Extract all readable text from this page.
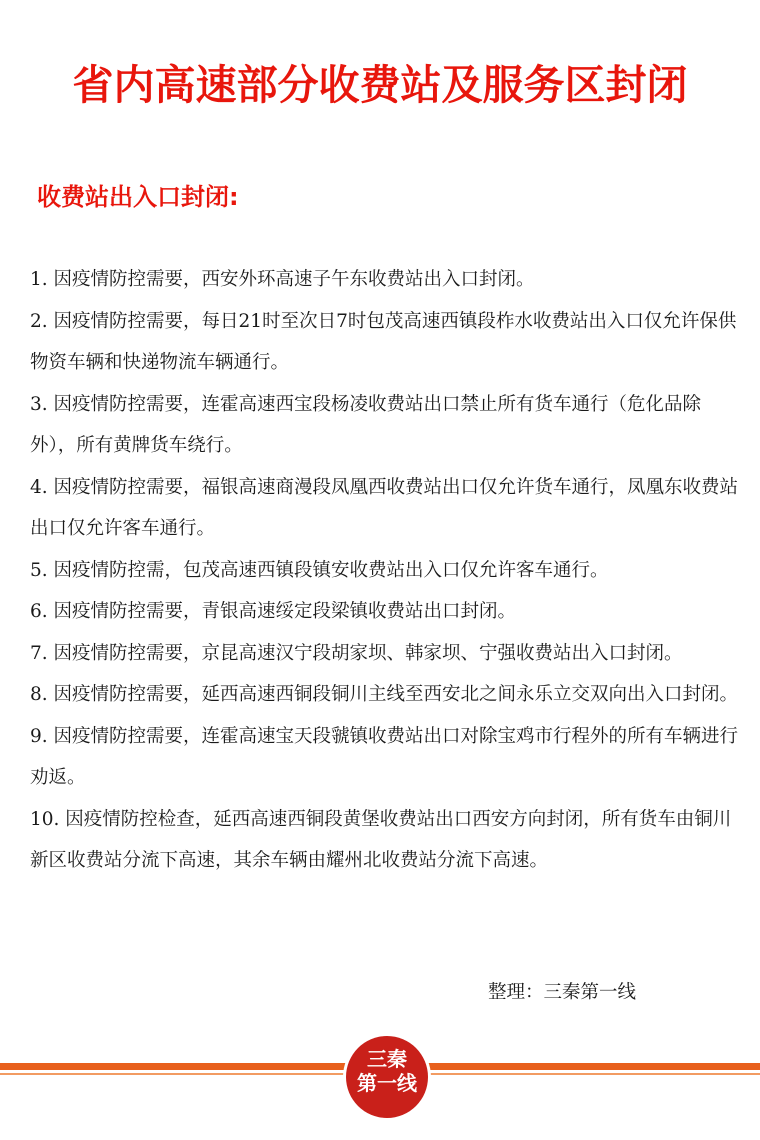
省内高速部分收费站及服务区封闭
收费站出入口封闭:
1. 因疫情防控需要，西安外环高速子午东收费站出入口封闭。
2. 因疫情防控需要，每日21时至次日7时包茂高速西镇段柞水收费站出入口仅允许保供物资车辆和快递物流车辆通行。
3. 因疫情防控需要，连霍高速西宝段杨凌收费站出口禁止所有货车通行（危化品除外），所有黄牌货车绕行。
4. 因疫情防控需要，福银高速商漫段凤凰西收费站出口仅允许货车通行，凤凰东收费站出口仅允许客车通行。
5. 因疫情防控需，包茂高速西镇段镇安收费站出入口仅允许客车通行。
6. 因疫情防控需要，青银高速绥定段梁镇收费站出口封闭。
7. 因疫情防控需要，京昆高速汉宁段胡家坝、韩家坝、宁强收费站出入口封闭。
8. 因疫情防控需要，延西高速西铜段铜川主线至西安北之间永乐立交双向出入口封闭。
9. 因疫情防控需要，连霍高速宝天段虢镇收费站出口对除宝鸡市行程外的所有车辆进行劝返。
10. 因疫情防控检查，延西高速西铜段黄堡收费站出口西安方向封闭，所有货车由铜川新区收费站分流下高速，其余车辆由耀州北收费站分流下高速。
整理：三秦第一线
三秦
第一线
